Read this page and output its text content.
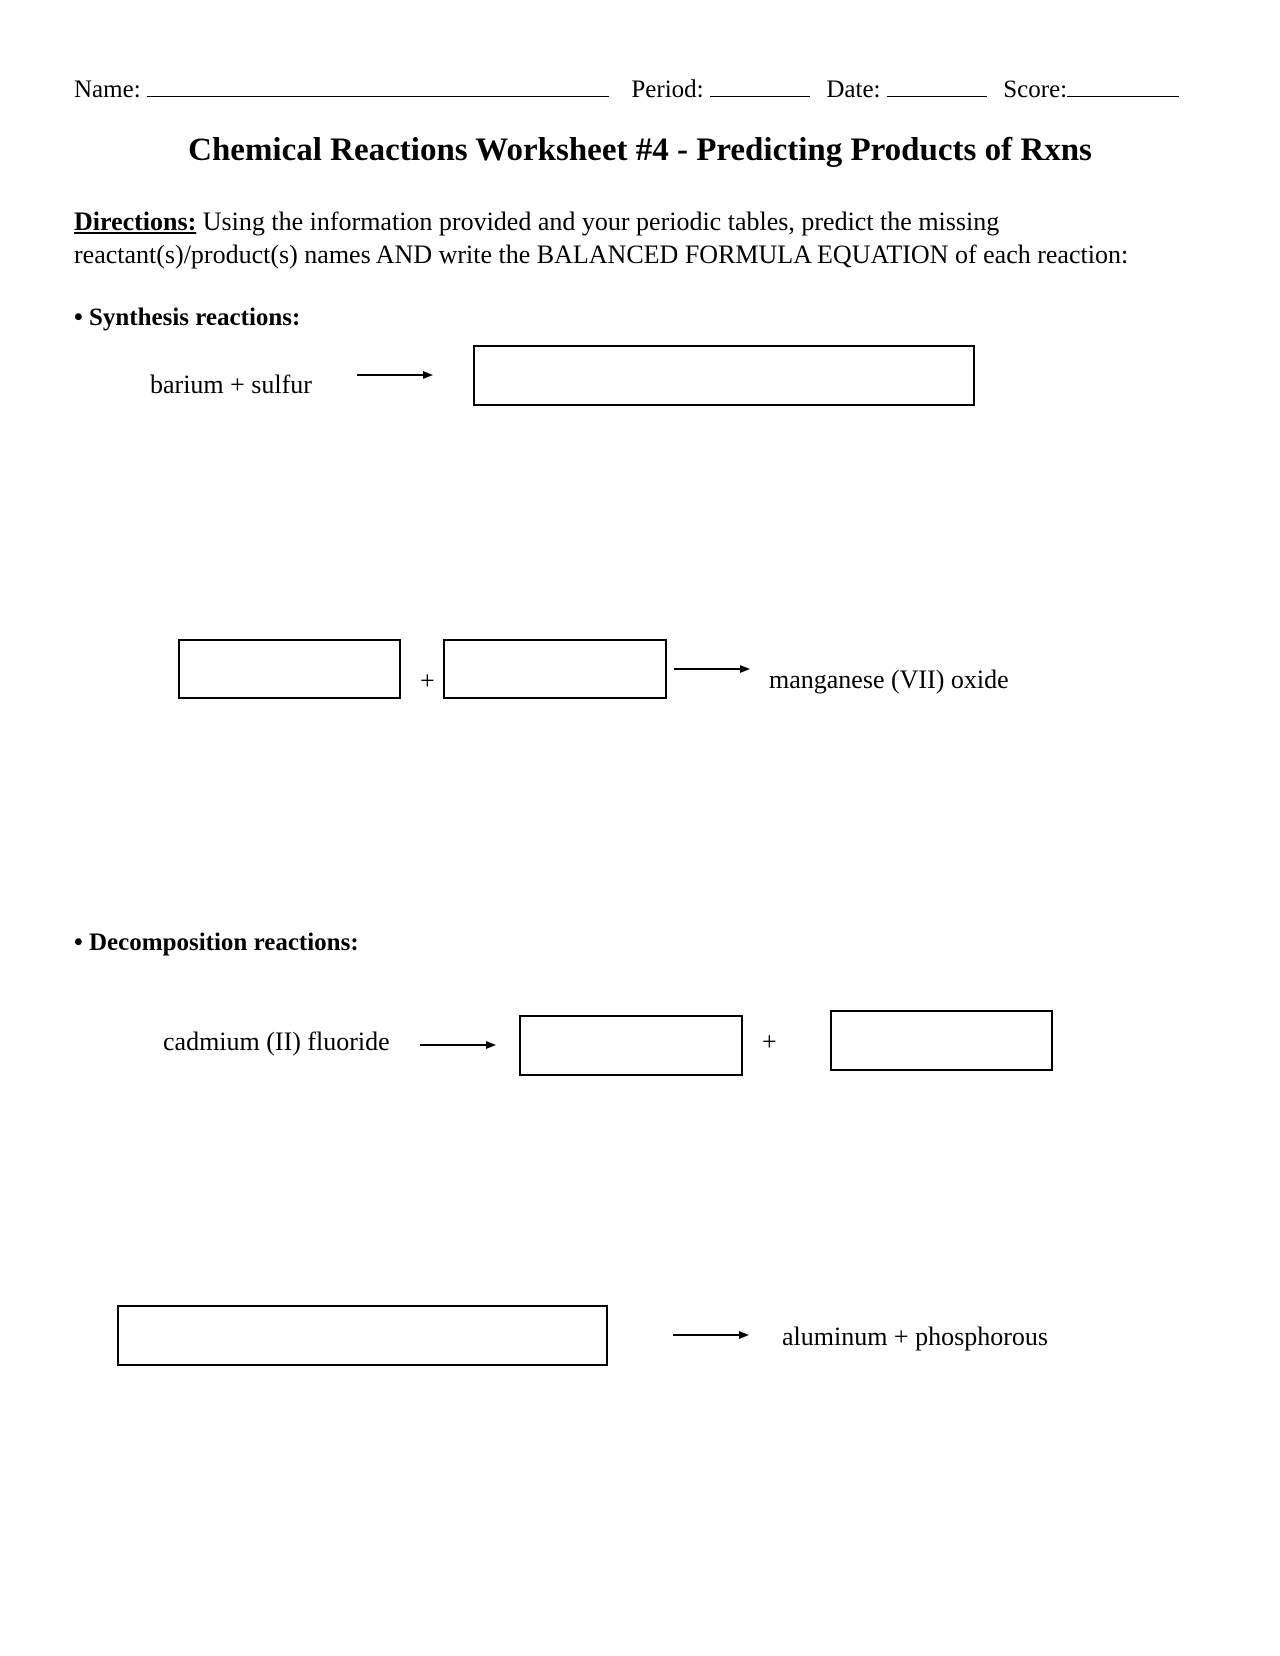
Name:	Period:	Date:	Score:
Chemical Reactions Worksheet #4 - Predicting Products of Rxns
Directions: Using the information provided and your periodic tables, predict the missing reactant(s)/product(s) names AND write the BALANCED FORMULA EQUATION of each reaction:
• Synthesis reactions:
barium + sulfur
+	manganese (VII) oxide
• Decomposition reactions:
cadmium (II) fluoride	+
aluminum + phosphorous
